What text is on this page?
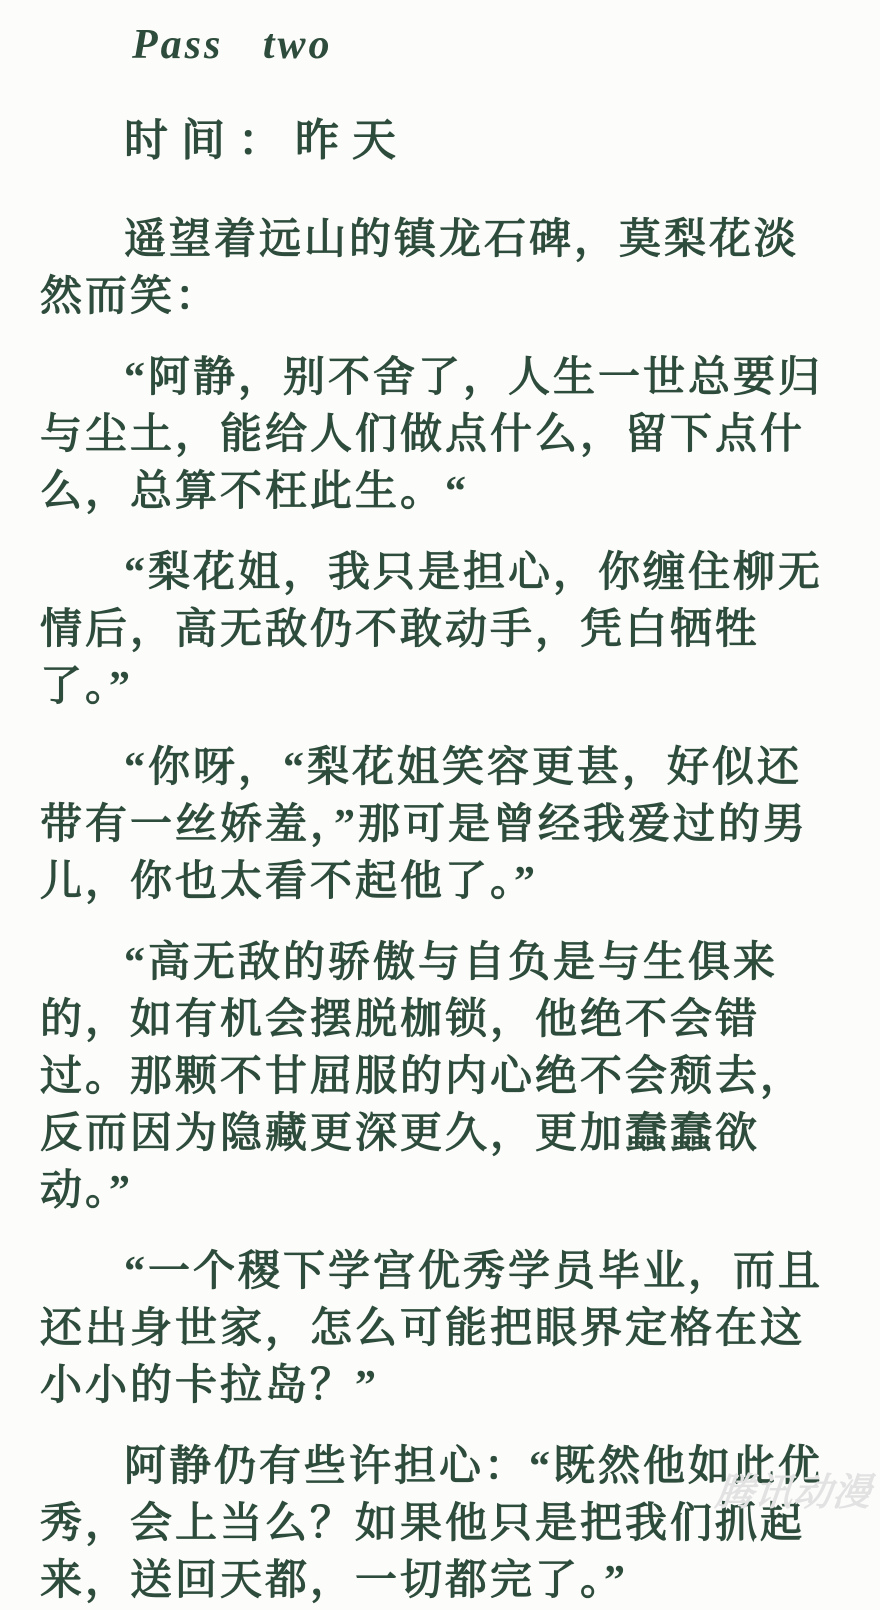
Pass two

时间：昨天

遥望着远山的镇龙石碑，莫梨花淡然而笑：

“阿静，别不舍了，人生一世总要归与尘土，能给人们做点什么，留下点什么，总算不枉此生。“

“梨花姐，我只是担心，你缠住柳无情后，高无敌仍不敢动手，凭白牺牲了。”

“你呀，“梨花姐笑容更甚，好似还带有一丝娇羞，”那可是曾经我爱过的男儿，你也太看不起他了。”

“高无敌的骄傲与自负是与生俱来的，如有机会摆脱枷锁，他绝不会错过。那颗不甘屈服的内心绝不会颓去，反而因为隐藏更深更久，更加蠢蠢欲动。”

“一个稷下学宫优秀学员毕业，而且还出身世家，怎么可能把眼界定格在这小小的卡拉岛？”

阿静仍有些许担心：“既然他如此优秀，会上当么？如果他只是把我们抓起来，送回天都，一切都完了。”

腾讯动漫
